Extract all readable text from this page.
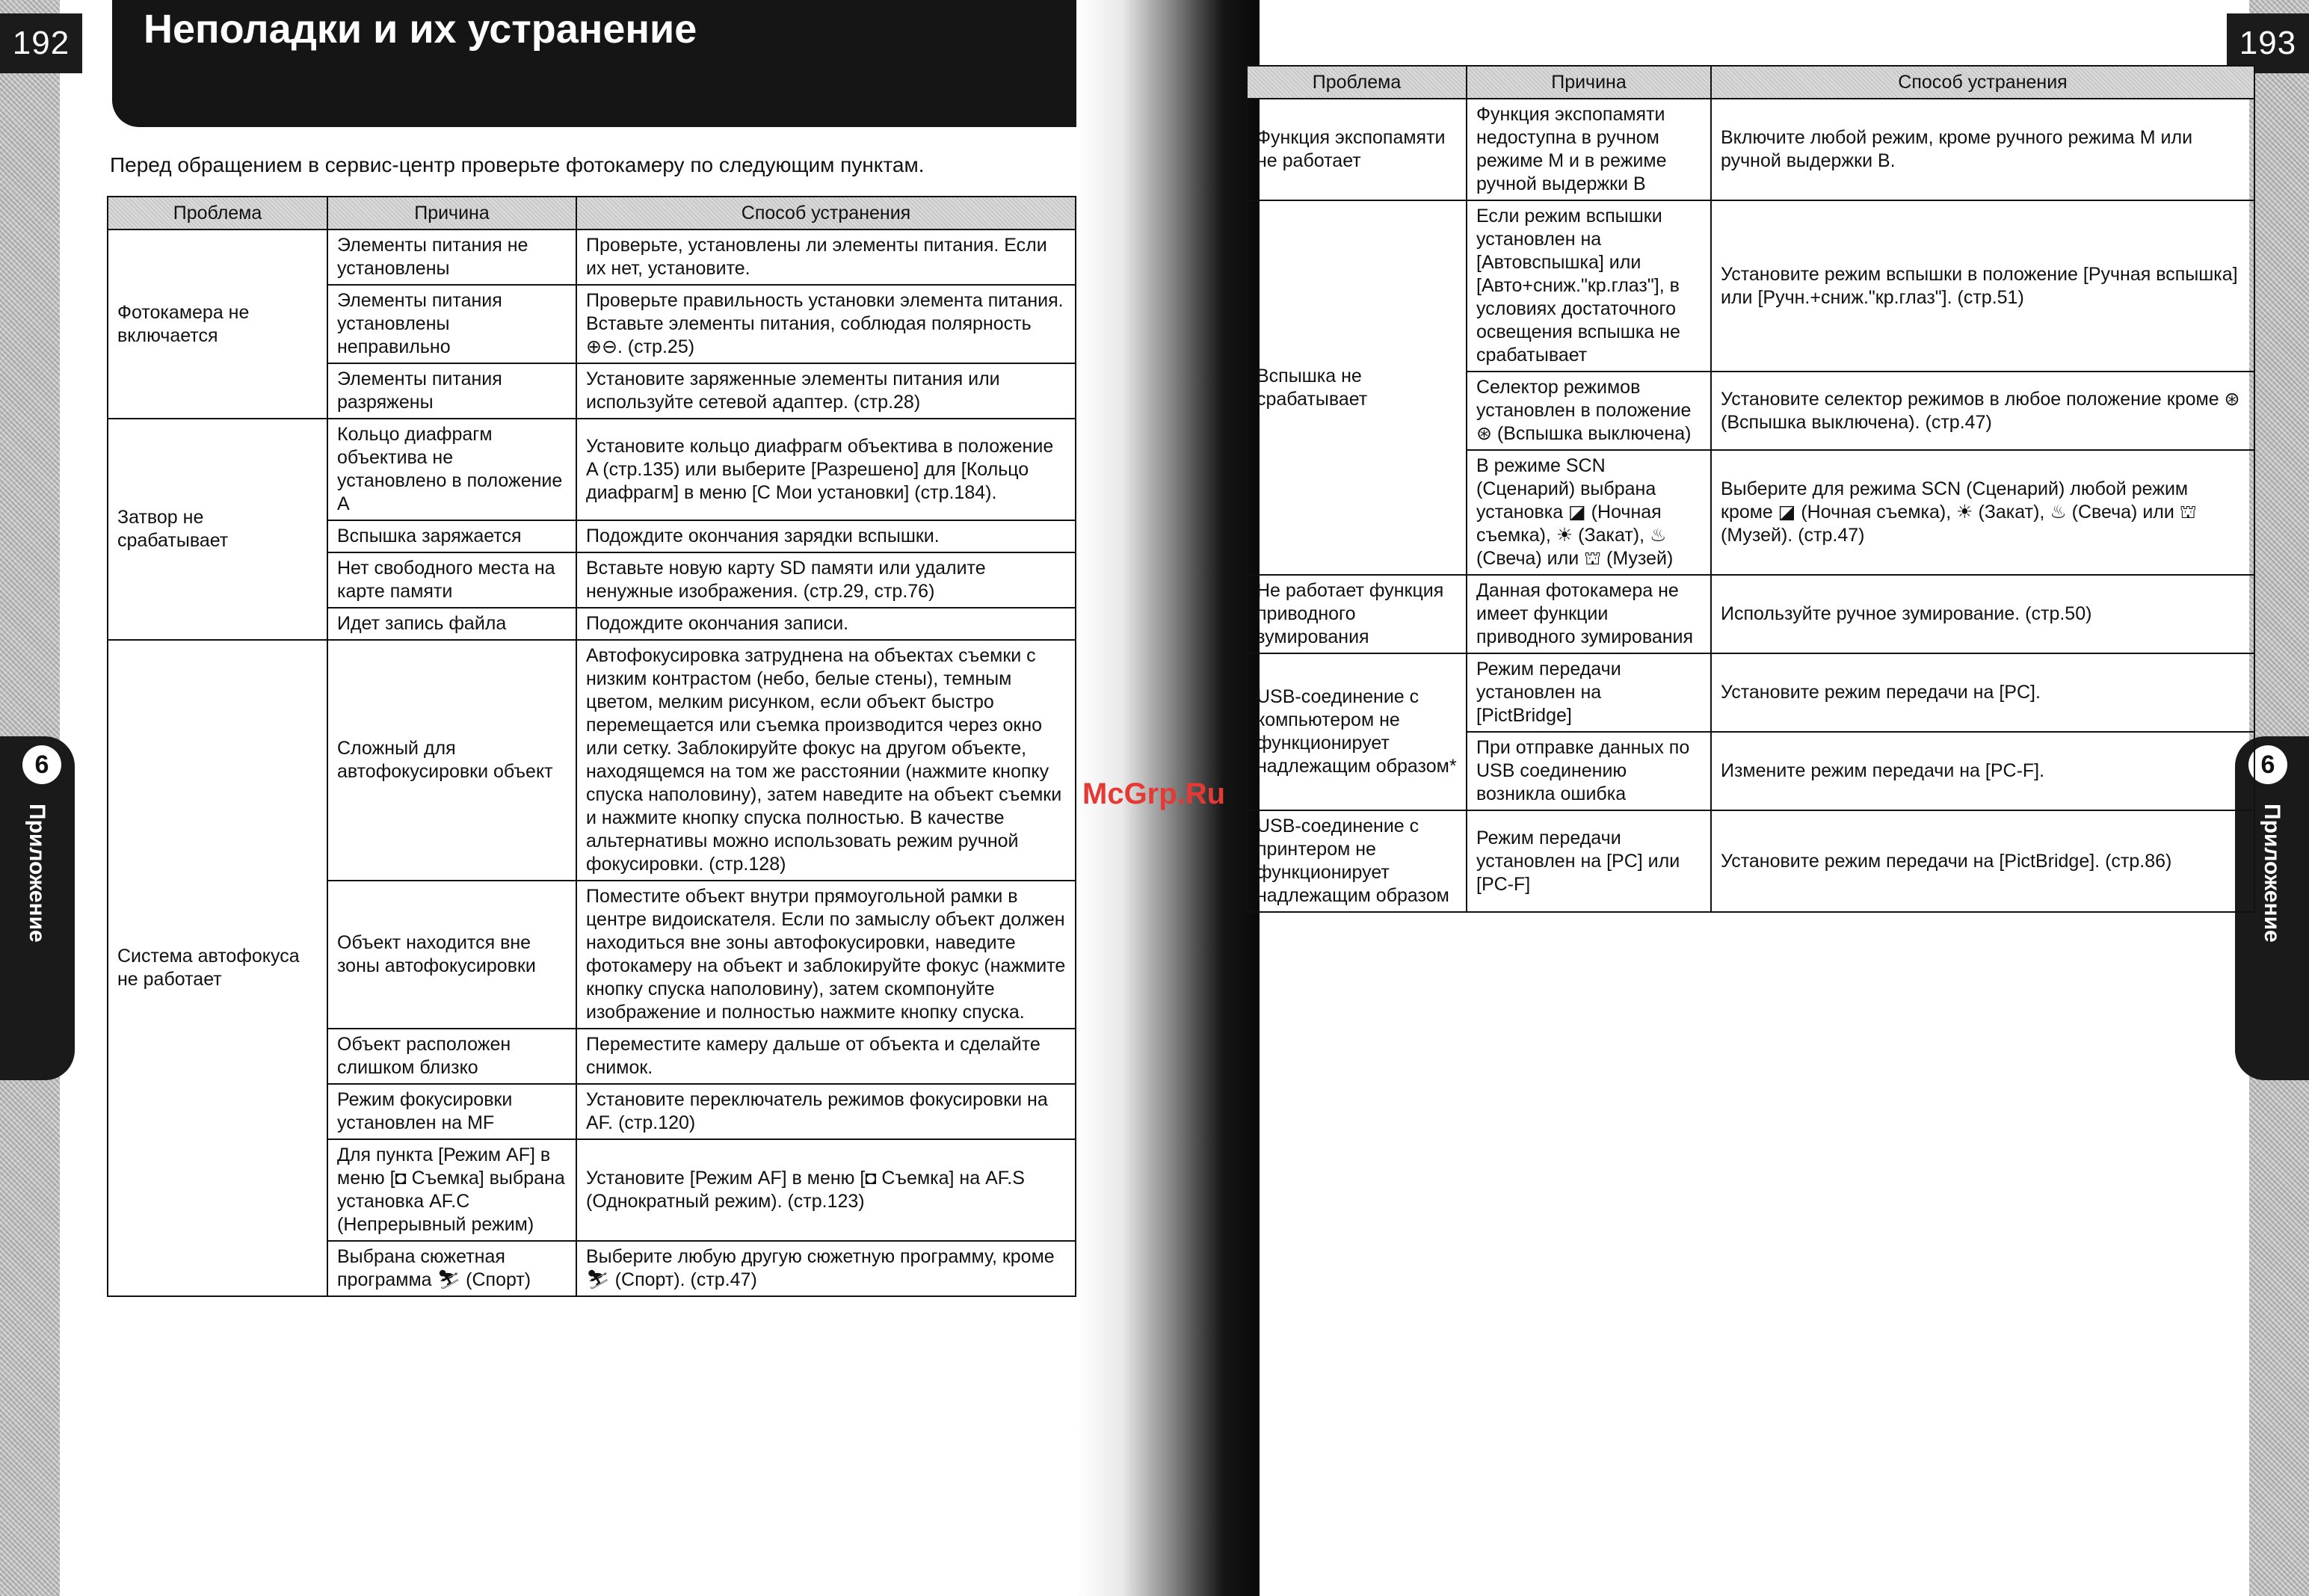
192	193
Неполадки и их устранение
Перед обращением в сервис-центр проверьте фотокамеру по следующим пунктам.
McGrp.Ru
6
Приложение
6
Приложение
Проблема	Причина	Способ устранения
Фотокамера не включается	Элементы питания не установлены	Проверьте, установлены ли элементы питания. Если их нет, установите.
	Элементы питания установлены неправильно	Проверьте правильность установки элемента питания. Вставьте элементы питания, соблюдая полярность ⊕⊖. (стр.25)
	Элементы питания разряжены	Установите заряженные элементы питания или используйте сетевой адаптер. (стр.28)
Затвор не срабатывает	Кольцо диафрагм объектива не установлено в положение A	Установите кольцо диафрагм объектива в положение A (стр.135) или выберите [Разрешено] для [Кольцо диафрагм] в меню [C Мои установки] (стр.184).
	Вспышка заряжается	Подождите окончания зарядки вспышки.
	Нет свободного места на карте памяти	Вставьте новую карту SD памяти или удалите ненужные изображения. (стр.29, стр.76)
	Идет запись файла	Подождите окончания записи.
Система автофокуса не работает	Сложный для автофокусировки объект	Автофокусировка затруднена на объектах съемки с низким контрастом (небо, белые стены), темным цветом, мелким рисунком, если объект быстро перемещается или съемка производится через окно или сетку. Заблокируйте фокус на другом объекте, находящемся на том же расстоянии (нажмите кнопку спуска наполовину), затем наведите на объект съемки и нажмите кнопку спуска полностью. В качестве альтернативы можно использовать режим ручной фокусировки. (стр.128)
	Объект находится вне зоны автофокусировки	Поместите объект внутри прямоугольной рамки в центре видоискателя. Если по замыслу объект должен находиться вне зоны автофокусировки, наведите фотокамеру на объект и заблокируйте фокус (нажмите кнопку спуска наполовину), затем скомпонуйте изображение и полностью нажмите кнопку спуска.
	Объект расположен слишком близко	Переместите камеру дальше от объекта и сделайте снимок.
	Режим фокусировки установлен на MF	Установите переключатель режимов фокусировки на AF. (стр.120)
	Для пункта [Режим AF] в меню [◘ Съемка] выбрана установка AF.C (Непрерывный режим)	Установите [Режим AF] в меню [◘ Съемка] на AF.S (Однократный режим). (стр.123)
	Выбрана сюжетная программа ⛷ (Спорт)	Выберите любую другую сюжетную программу, кроме ⛷ (Спорт). (стр.47)
Проблема	Причина	Способ устранения
Функция экспопамяти не работает	Функция экспопамяти недоступна в ручном режиме M и в режиме ручной выдержки B	Включите любой режим, кроме ручного режима M или ручной выдержки B.
Вспышка не срабатывает	Если режим вспышки установлен на [Автовспышка] или [Авто+сниж."кр.глаз"], в условиях достаточного освещения вспышка не срабатывает	Установите режим вспышки в положение [Ручная вспышка] или [Ручн.+сниж."кр.глаз"]. (стр.51)
	Селектор режимов установлен в положение ⊛ (Вспышка выключена)	Установите селектор режимов в любое положение кроме ⊛ (Вспышка выключена). (стр.47)
	В режиме SCN (Сценарий) выбрана установка ◪ (Ночная съемка), ☀ (Закат), ♨ (Свеча) или ⛫ (Музей)	Выберите для режима SCN (Сценарий) любой режим кроме ◪ (Ночная съемка), ☀ (Закат), ♨ (Свеча) или ⛫ (Музей). (стр.47)
Не работает функция приводного зумирования	Данная фотокамера не имеет функции приводного зумирования	Используйте ручное зумирование. (стр.50)
USB-соединение с компьютером не функционирует надлежащим образом*	Режим передачи установлен на [PictBridge]	Установите режим передачи на [PC].
	При отправке данных по USB соединению возникла ошибка	Измените режим передачи на [PC-F].
USB-соединение с принтером не функционирует надлежащим образом	Режим передачи установлен на [PC] или [PC-F]	Установите режим передачи на [PictBridge]. (стр.86)
